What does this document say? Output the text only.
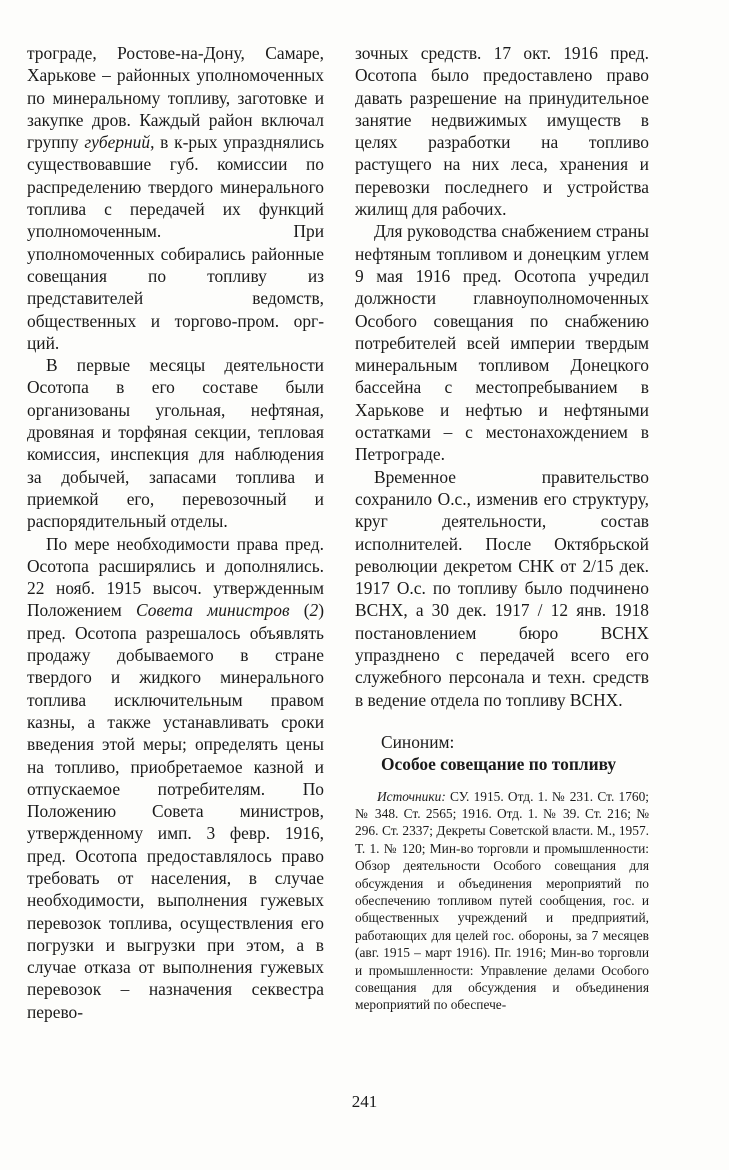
трограде, Ростове-на-Дону, Самаре, Харькове – районных уполномоченных по минеральному топливу, заготовке и закупке дров. Каждый район включал группу губерний, в к-рых упразднялись существовавшие губ. комиссии по распределению твердого минерального топлива с передачей их функций уполномоченным. При уполномоченных собирались районные совещания по топливу из представителей ведомств, общественных и торгово-пром. орг-ций.

В первые месяцы деятельности Осотопа в его составе были организованы угольная, нефтяная, дровяная и торфяная секции, тепловая комиссия, инспекция для наблюдения за добычей, запасами топлива и приемкой его, перевозочный и распорядительный отделы.

По мере необходимости права пред. Осотопа расширялись и дополнялись. 22 нояб. 1915 высоч. утвержденным Положением Совета министров (2) пред. Осотопа разрешалось объявлять продажу добываемого в стране твердого и жидкого минерального топлива исключительным правом казны, а также устанавливать сроки введения этой меры; определять цены на топливо, приобретаемое казной и отпускаемое потребителям. По Положению Совета министров, утвержденному имп. 3 февр. 1916, пред. Осотопа предоставлялось право требовать от населения, в случае необходимости, выполнения гужевых перевозок топлива, осуществления его погрузки и выгрузки при этом, а в случае отказа от выполнения гужевых перевозок – назначения секвестра перево-

зочных средств. 17 окт. 1916 пред. Осотопа было предоставлено право давать разрешение на принудительное занятие недвижимых имуществ в целях разработки на топливо растущего на них леса, хранения и перевозки последнего и устройства жилищ для рабочих.

Для руководства снабжением страны нефтяным топливом и донецким углем 9 мая 1916 пред. Осотопа учредил должности главноуполномоченных Особого совещания по снабжению потребителей всей империи твердым минеральным топливом Донецкого бассейна с местопребыванием в Харькове и нефтью и нефтяными остатками – с местонахождением в Петрограде.

Временное правительство сохранило О.с., изменив его структуру, круг деятельности, состав исполнителей. После Октябрьской революции декретом СНК от 2/15 дек. 1917 О.с. по топливу было подчинено ВСНХ, а 30 дек. 1917 / 12 янв. 1918 постановлением бюро ВСНХ упразднено с передачей всего его служебного персонала и техн. средств в ведение отдела по топливу ВСНХ.

Синоним:

Особое совещание по топливу

Источники: СУ. 1915. Отд. 1. № 231. Ст. 1760; № 348. Ст. 2565; 1916. Отд. 1. № 39. Ст. 216; № 296. Ст. 2337; Декреты Советской власти. М., 1957. Т. 1. № 120; Мин-во торговли и промышленности: Обзор деятельности Особого совещания для обсуждения и объединения мероприятий по обеспечению топливом путей сообщения, гос. и общественных учреждений и предприятий, работающих для целей гос. обороны, за 7 месяцев (авг. 1915 – март 1916). Пг. 1916; Мин-во торговли и промышленности: Управление делами Особого совещания для обсуждения и объединения мероприятий по обеспече-

241
